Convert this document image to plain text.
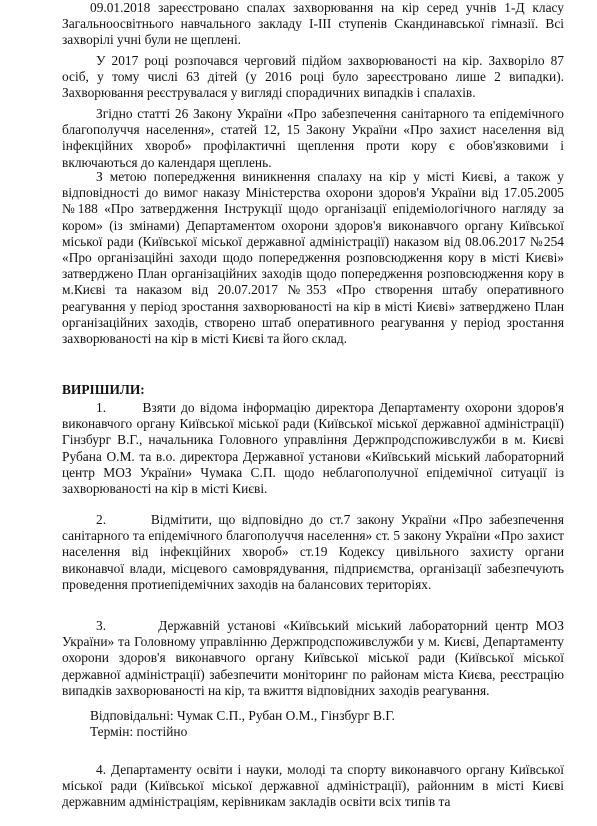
09.01.2018 зареєстровано спалах захворювання на кір серед учнів 1-Д класу Загальноосвітнього навчального закладу І-ІІІ ступенів Скандинавської гімназії. Всі захворілі учні були не щеплені.

У 2017 році розпочався черговий підйом захворюваності на кір. Захворіло 87 осіб, у тому числі 63 дітей (у 2016 році було зареєстровано лише 2 випадки). Захворювання реєструвалася у вигляді спорадичних випадків і спалахів.

Згідно статті 26 Закону України «Про забезпечення санітарного та епідемічного благополуччя населення», статей 12, 15 Закону України «Про захист населення від інфекційних хвороб» профілактичні щеплення проти кору є обов'язковими і включаються до календаря щеплень.

З метою попередження виникнення спалаху на кір у місті Києві, а також у відповідності до вимог наказу Міністерства охорони здоров'я України від 17.05.2005 №188 «Про затвердження Інструкції щодо організації епідеміологічного нагляду за кором» (із змінами) Департаментом охорони здоров'я виконавчого органу Київської міської ради (Київської міської державної адміністрації) наказом від 08.06.2017 №254 «Про організаційні заходи щодо попередження розповсюдження кору в місті Києві» затверджено План організаційних заходів щодо попередження розповсюдження кору в м.Києві та наказом від 20.07.2017 №353 «Про створення штабу оперативного реагування у період зростання захворюваності на кір в місті Києві» затверджено План організаційних заходів, створено штаб оперативного реагування у період зростання захворюваності на кір в місті Києві та його склад.

ВИРІШИЛИ:

1.	Взяти до відома інформацію директора Департаменту охорони здоров'я виконавчого органу Київської міської ради (Київської міської державної адміністрації) Гінзбург В.Г., начальника Головного управління Держпродспоживслужби в м. Києві Рубана О.М. та в.о. директора Державної установи «Київський міський лабораторний центр МОЗ України» Чумака С.П. щодо неблагополучної епідемічної ситуації із захворюваності на кір в місті Києві.

2.	Відмітити, що відповідно до ст.7 закону України «Про забезпечення санітарного та епідемічного благополуччя населення» ст. 5 закону України «Про захист населення від інфекційних хвороб» ст.19 Кодексу цивільного захисту органи виконавчої влади, місцевого самоврядування, підприємства, організації забезпечують проведення протиепідемічних заходів на балансових територіях.

3.	Державній установі «Київський міський лабораторний центр МОЗ України» та Головному управлінню Держпродспоживслужби у м. Києві, Департаменту охорони здоров'я виконавчого органу Київської міської ради (Київської міської державної адміністрації) забезпечити моніторинг по районам міста Києва, реєстрацію випадків захворюваності на кір, та вжиття відповідних заходів реагування.

Відповідальні: Чумак С.П., Рубан О.М., Гінзбург В.Г.

Термін: постійно

4. Департаменту освіти і науки, молоді та спорту виконавчого органу Київської міської ради (Київської міської державної адміністрації), районним в місті Києві державним адміністраціям, керівникам закладів освіти всіх типів та
